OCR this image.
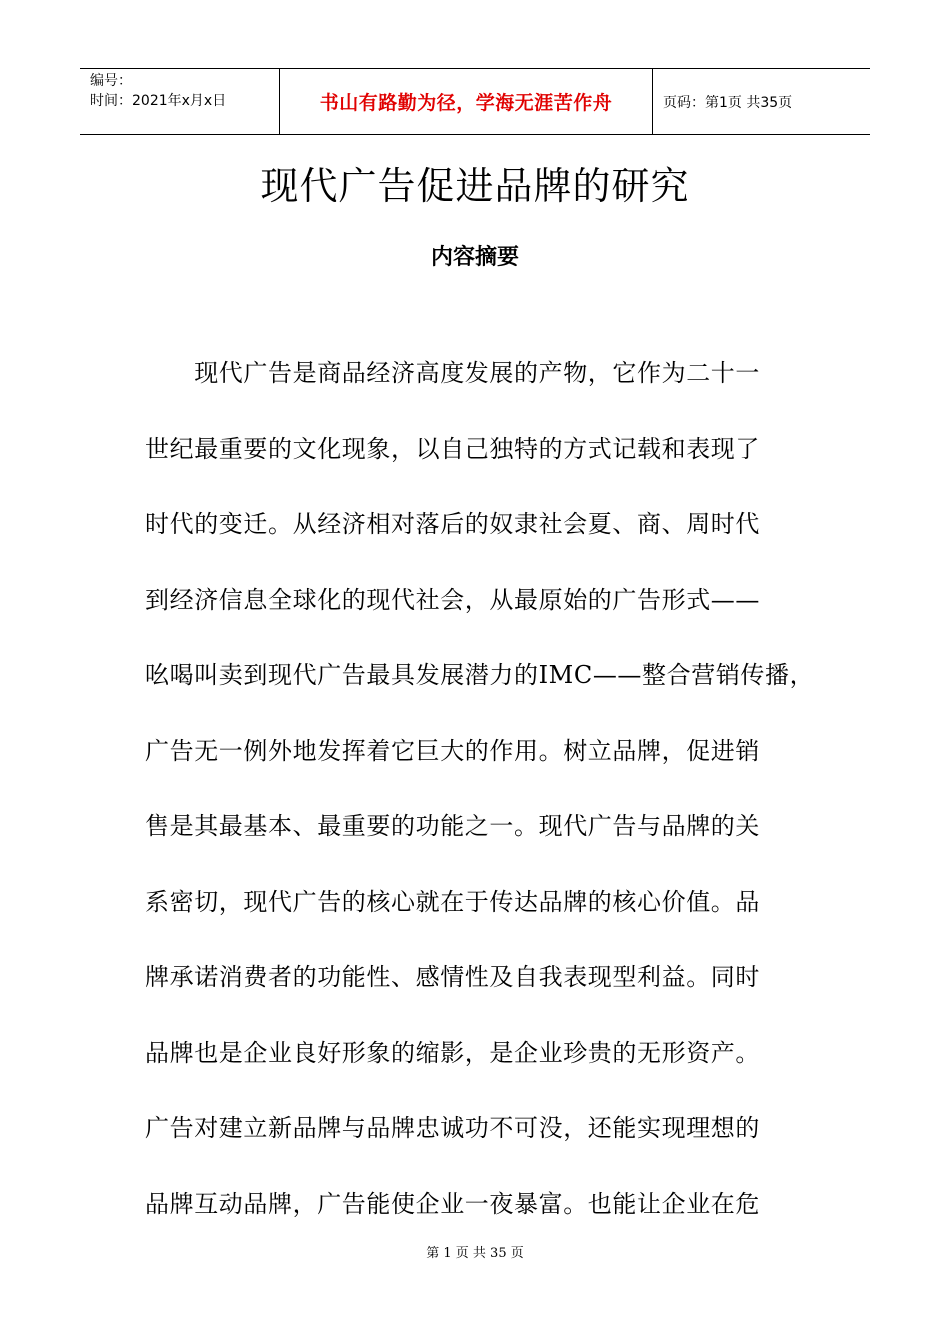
编号：
时间：2021年x月x日	书山有路勤为径，学海无涯苦作舟	页码：第1页 共35页
现代广告促进品牌的研究
内容摘要
　　现代广告是商品经济高度发展的产物，它作为二十一
世纪最重要的文化现象，以自己独特的方式记载和表现了
时代的变迁。从经济相对落后的奴隶社会夏、商、周时代
到经济信息全球化的现代社会，从最原始的广告形式——
吆喝叫卖到现代广告最具发展潜力的IMC——整合营销传播，
广告无一例外地发挥着它巨大的作用。树立品牌，促进销
售是其最基本、最重要的功能之一。现代广告与品牌的关
系密切，现代广告的核心就在于传达品牌的核心价值。品
牌承诺消费者的功能性、感情性及自我表现型利益。同时
品牌也是企业良好形象的缩影，是企业珍贵的无形资产。
广告对建立新品牌与品牌忠诚功不可没，还能实现理想的
品牌互动品牌，广告能使企业一夜暴富。也能让企业在危
第 1 页 共 35 页
